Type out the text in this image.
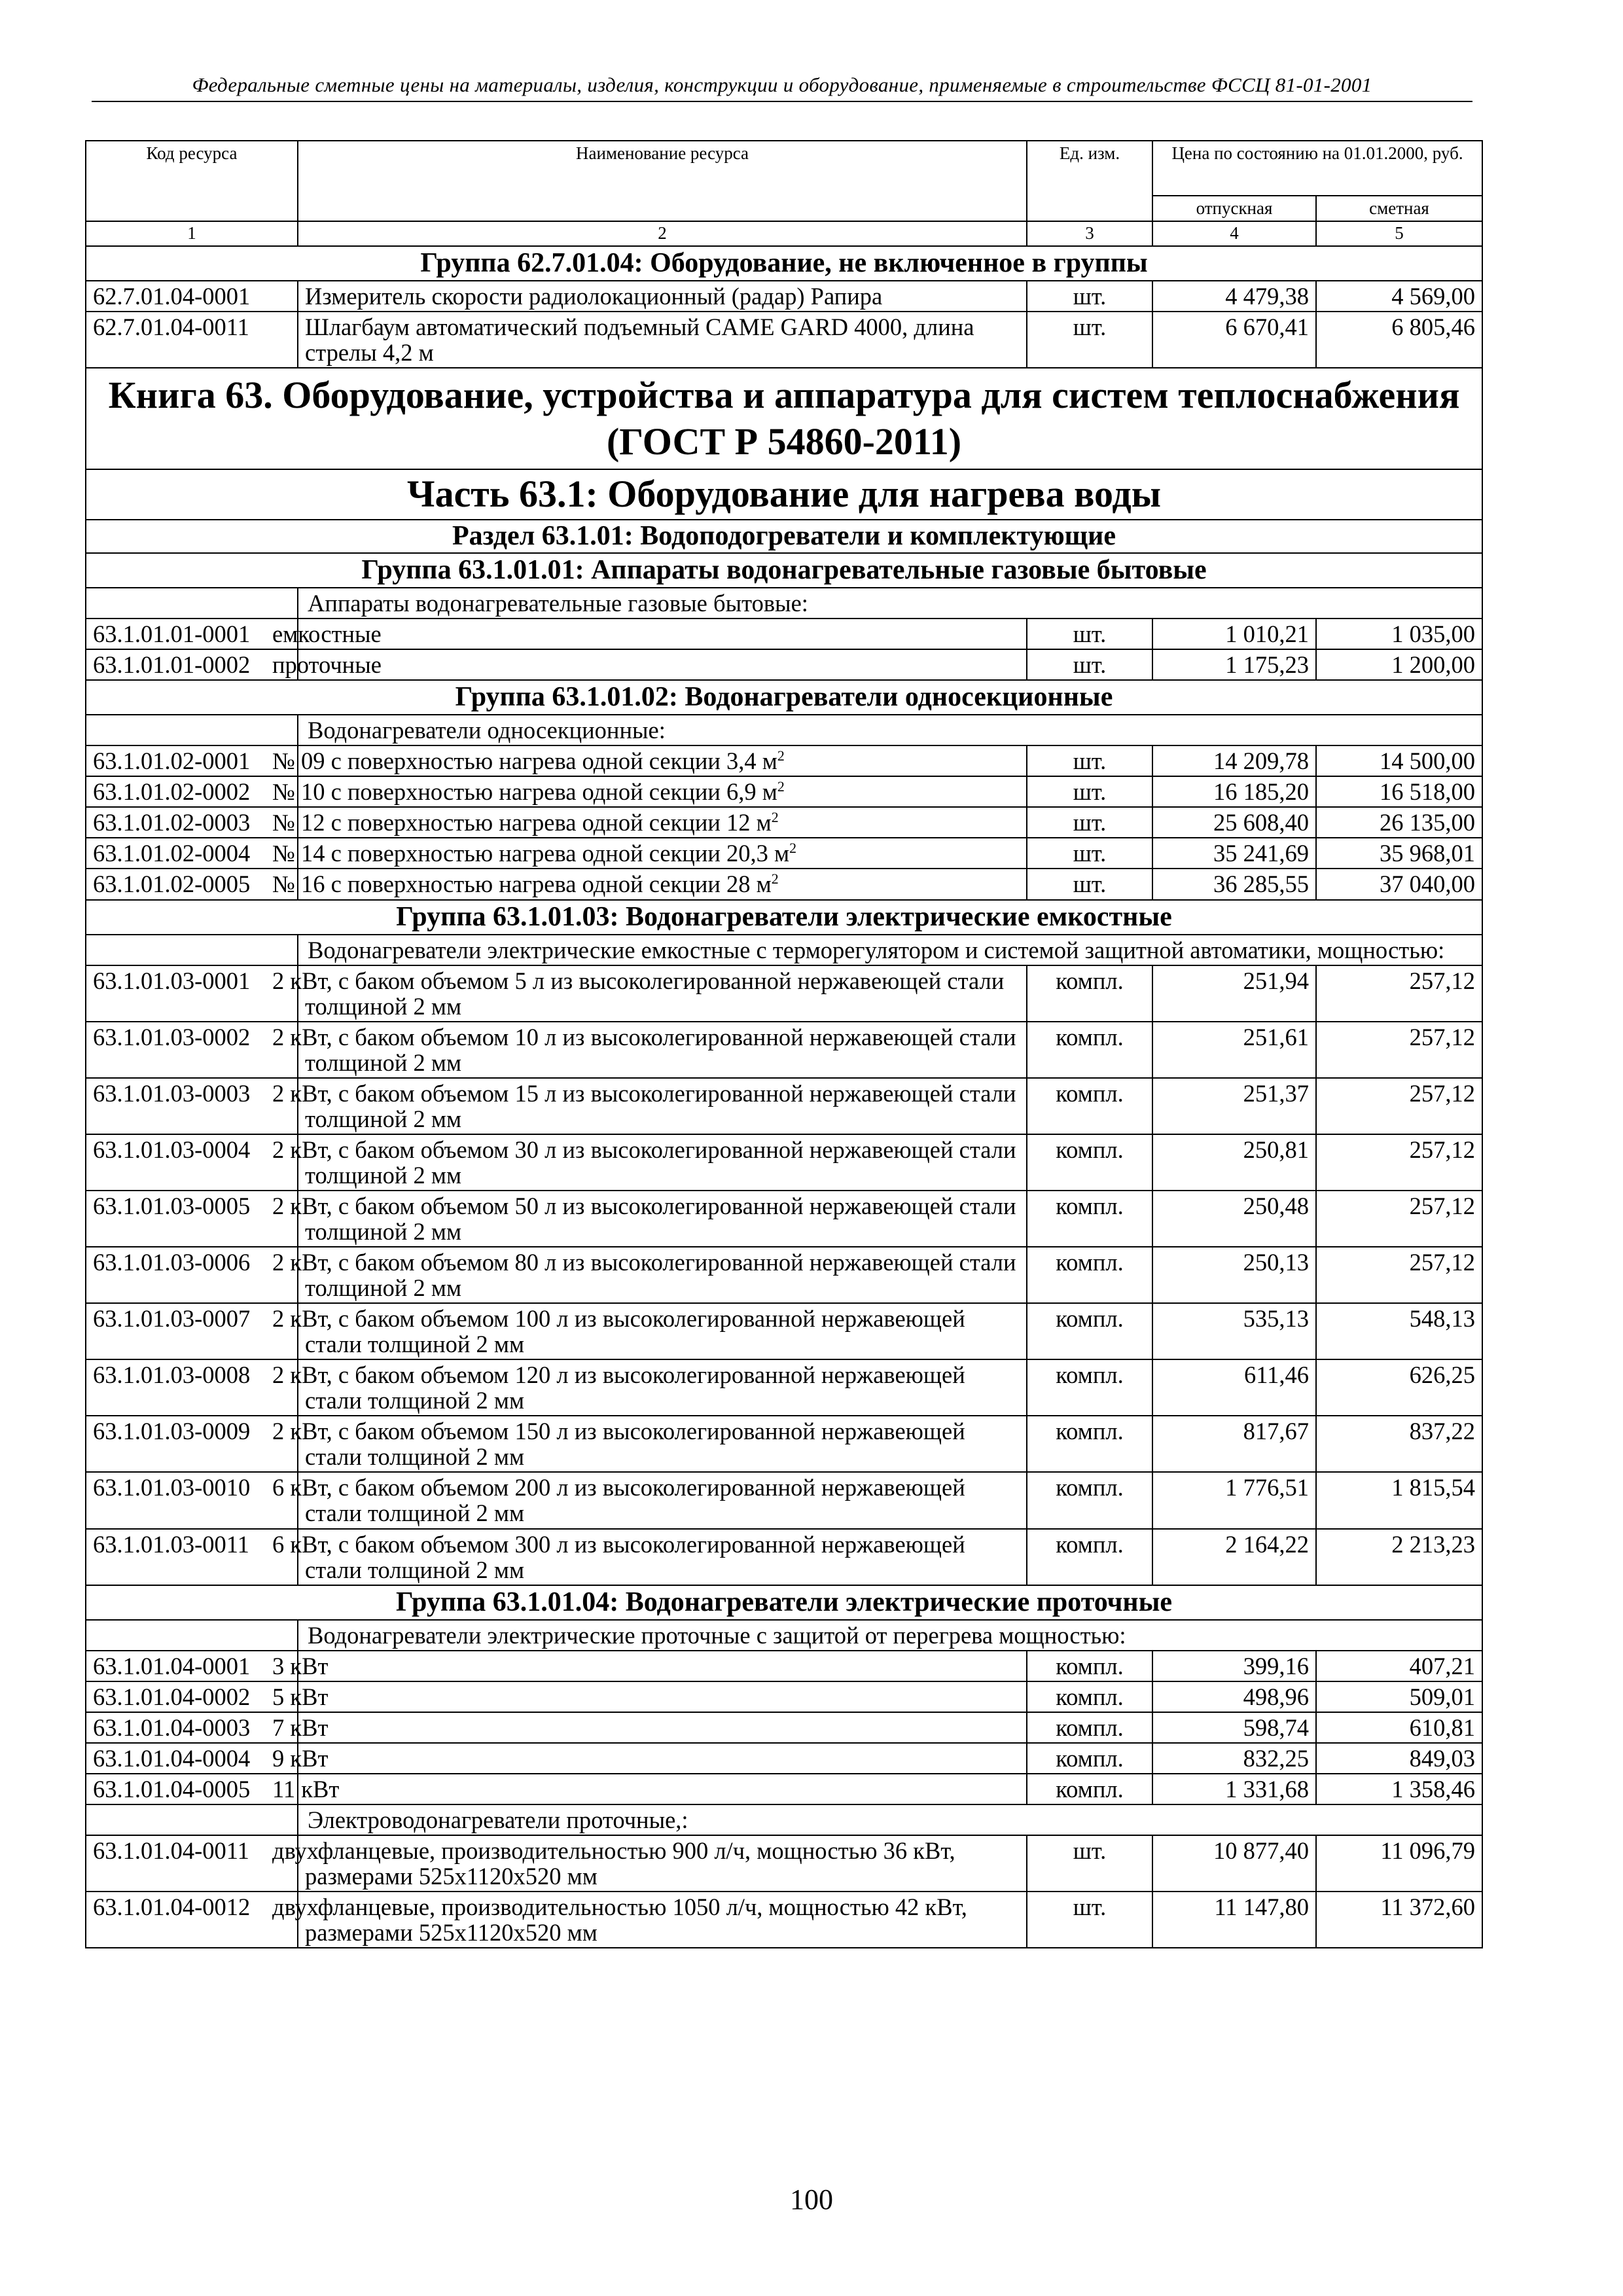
Федеральные сметные цены на материалы, изделия, конструкции и оборудование, применяемые в строительстве ФССЦ 81-01-2001
Код ресурса	Наименование ресурса	Ед. изм.	Цена по состоянию на 01.01.2000, руб.	
			отпускная	сметная
1	2	3	4	5
Группа 62.7.01.04: Оборудование, не включенное в группы				
62.7.01.04-0001	Измеритель скорости радиолокационный (радар) Рапира	шт.	4 479,38	4 569,00
62.7.01.04-0011	Шлагбаум автоматический подъемный CAME GARD 4000, длина стрелы 4,2 м	шт.	6 670,41	6 805,46
Книга 63. Оборудование, устройства и аппаратура для систем теплоснабжения (ГОСТ Р 54860-2011)				
Часть 63.1: Оборудование для нагрева воды				
Раздел 63.1.01: Водоподогреватели и комплектующие				
Группа 63.1.01.01: Аппараты водонагревательные газовые бытовые				
	Аппараты водонагревательные газовые бытовые:			
63.1.01.01-0001	емкостные	шт.	1 010,21	1 035,00
63.1.01.01-0002	проточные	шт.	1 175,23	1 200,00
Группа 63.1.01.02: Водонагреватели односекционные				
	Водонагреватели односекционные:			
63.1.01.02-0001	№ 09 с поверхностью нагрева одной секции 3,4 $м^2$	шт.	14 209,78	14 500,00
63.1.01.02-0002	№ 10 с поверхностью нагрева одной секции 6,9 $м^2$	шт.	16 185,20	16 518,00
63.1.01.02-0003	№ 12 с поверхностью нагрева одной секции 12 $м^2$	шт.	25 608,40	26 135,00
63.1.01.02-0004	№ 14 с поверхностью нагрева одной секции 20,3 $м^2$	шт.	35 241,69	35 968,01
63.1.01.02-0005	№ 16 с поверхностью нагрева одной секции 28 $м^2$	шт.	36 285,55	37 040,00
Группа 63.1.01.03: Водонагреватели электрические емкостные				
	Водонагреватели электрические емкостные с терморегулятором и системой защитной автоматики, мощностью:			
63.1.01.03-0001	2 кВт, с баком объемом 5 л из высоколегированной нержавеющей стали толщиной 2 мм	компл.	251,94	257,12
63.1.01.03-0002	2 кВт, с баком объемом 10 л из высоколегированной нержавеющей стали толщиной 2 мм	компл.	251,61	257,12
63.1.01.03-0003	2 кВт, с баком объемом 15 л из высоколегированной нержавеющей стали толщиной 2 мм	компл.	251,37	257,12
63.1.01.03-0004	2 кВт, с баком объемом 30 л из высоколегированной нержавеющей стали толщиной 2 мм	компл.	250,81	257,12
63.1.01.03-0005	2 кВт, с баком объемом 50 л из высоколегированной нержавеющей стали толщиной 2 мм	компл.	250,48	257,12
63.1.01.03-0006	2 кВт, с баком объемом 80 л из высоколегированной нержавеющей стали толщиной 2 мм	компл.	250,13	257,12
63.1.01.03-0007	2 кВт, с баком объемом 100 л из высоколегированной нержавеющей стали толщиной 2 мм	компл.	535,13	548,13
63.1.01.03-0008	2 кВт, с баком объемом 120 л из высоколегированной нержавеющей стали толщиной 2 мм	компл.	611,46	626,25
63.1.01.03-0009	2 кВт, с баком объемом 150 л из высоколегированной нержавеющей стали толщиной 2 мм	компл.	817,67	837,22
63.1.01.03-0010	6 кВт, с баком объемом 200 л из высоколегированной нержавеющей стали толщиной 2 мм	компл.	1 776,51	1 815,54
63.1.01.03-0011	6 кВт, с баком объемом 300 л из высоколегированной нержавеющей стали толщиной 2 мм	компл.	2 164,22	2 213,23
Группа 63.1.01.04: Водонагреватели электрические проточные				
	Водонагреватели электрические проточные с защитой от перегрева мощностью:			
63.1.01.04-0001	3 кВт	компл.	399,16	407,21
63.1.01.04-0002	5 кВт	компл.	498,96	509,01
63.1.01.04-0003	7 кВт	компл.	598,74	610,81
63.1.01.04-0004	9 кВт	компл.	832,25	849,03
63.1.01.04-0005	11 кВт	компл.	1 331,68	1 358,46
	Электроводонагреватели проточные,:			
63.1.01.04-0011	двухфланцевые, производительностью 900 л/ч, мощностью 36 кВт, размерами 525x1120x520 мм	шт.	10 877,40	11 096,79
63.1.01.04-0012	двухфланцевые, производительностью 1050 л/ч, мощностью 42 кВт, размерами 525x1120x520 мм	шт.	11 147,80	11 372,60
100
